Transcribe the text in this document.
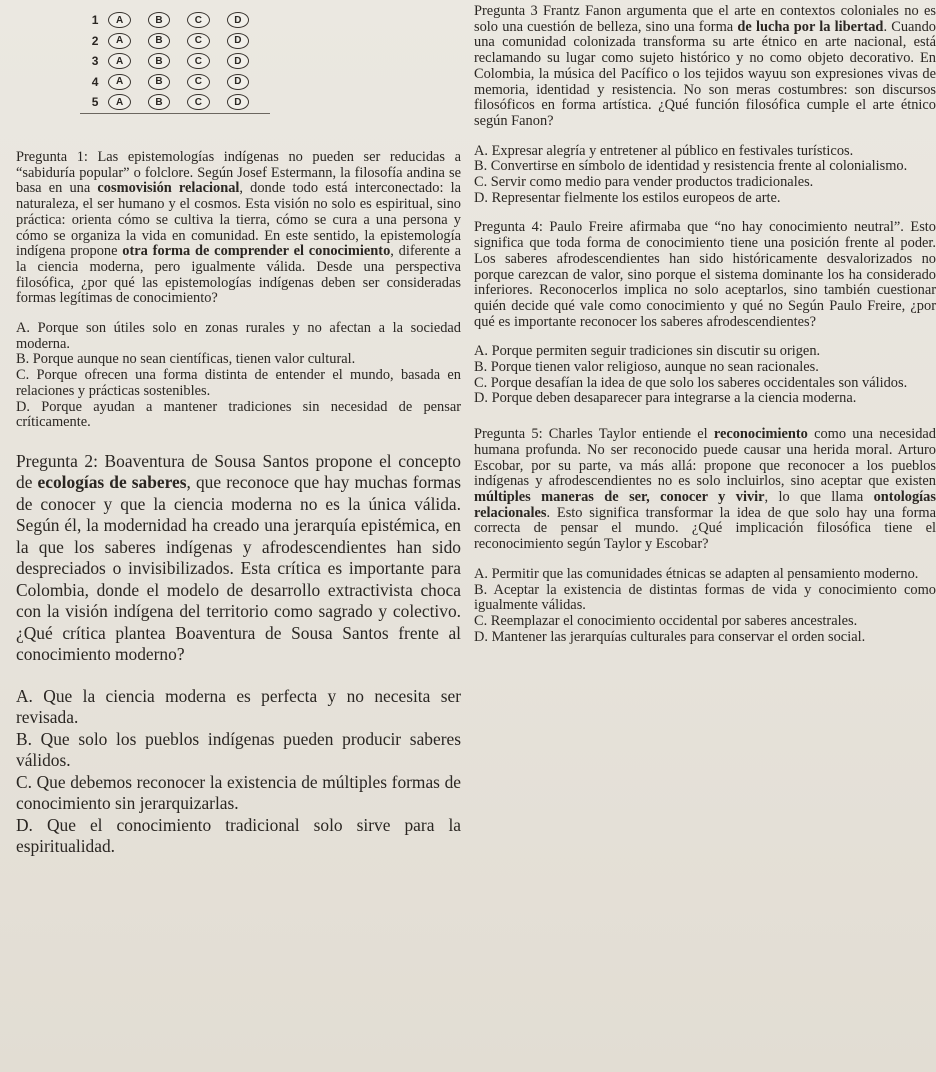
1	A	B	C	D
2	A	B	C	D
3	A	B	C	D
4	A	B	C	D
5	A	B	C	D

Pregunta 1: Las epistemologías indígenas no pueden ser reducidas a “sabiduría popular” o folclore. Según Josef Estermann, la filosofía andina se basa en una cosmovisión relacional, donde todo está interconectado: la naturaleza, el ser humano y el cosmos. Esta visión no solo es espiritual, sino práctica: orienta cómo se cultiva la tierra, cómo se cura a una persona y cómo se organiza la vida en comunidad. En este sentido, la epistemología indígena propone otra forma de comprender el conocimiento, diferente a la ciencia moderna, pero igualmente válida. Desde una perspectiva filosófica, ¿por qué las epistemologías indígenas deben ser consideradas formas legítimas de conocimiento?

A. Porque son útiles solo en zonas rurales y no afectan a la sociedad moderna.

B. Porque aunque no sean científicas, tienen valor cultural.

C. Porque ofrecen una forma distinta de entender el mundo, basada en relaciones y prácticas sostenibles.

D. Porque ayudan a mantener tradiciones sin necesidad de pensar críticamente.

Pregunta 2: Boaventura de Sousa Santos propone el concepto de ecologías de saberes, que reconoce que hay muchas formas de conocer y que la ciencia moderna no es la única válida. Según él, la modernidad ha creado una jerarquía epistémica, en la que los saberes indígenas y afrodescendientes han sido despreciados o invisibilizados. Esta crítica es importante para Colombia, donde el modelo de desarrollo extractivista choca con la visión indígena del territorio como sagrado y colectivo. ¿Qué crítica plantea Boaventura de Sousa Santos frente al conocimiento moderno?

A. Que la ciencia moderna es perfecta y no necesita ser revisada.

B. Que solo los pueblos indígenas pueden producir saberes válidos.

C. Que debemos reconocer la existencia de múltiples formas de conocimiento sin jerarquizarlas.

D. Que el conocimiento tradicional solo sirve para la espiritualidad.

Pregunta 3 Frantz Fanon argumenta que el arte en contextos coloniales no es solo una cuestión de belleza, sino una forma de lucha por la libertad. Cuando una comunidad colonizada transforma su arte étnico en arte nacional, está reclamando su lugar como sujeto histórico y no como objeto decorativo. En Colombia, la música del Pacífico o los tejidos wayuu son expresiones vivas de memoria, identidad y resistencia. No son meras costumbres: son discursos filosóficos en forma artística. ¿Qué función filosófica cumple el arte étnico según Fanon?

A. Expresar alegría y entretener al público en festivales turísticos.

B. Convertirse en símbolo de identidad y resistencia frente al colonialismo.

C. Servir como medio para vender productos tradicionales.

D. Representar fielmente los estilos europeos de arte.

Pregunta 4: Paulo Freire afirmaba que “no hay conocimiento neutral”. Esto significa que toda forma de conocimiento tiene una posición frente al poder. Los saberes afrodescendientes han sido históricamente desvalorizados no porque carezcan de valor, sino porque el sistema dominante los ha considerado inferiores. Reconocerlos implica no solo aceptarlos, sino también cuestionar quién decide qué vale como conocimiento y qué no Según Paulo Freire, ¿por qué es importante reconocer los saberes afrodescendientes?

A. Porque permiten seguir tradiciones sin discutir su origen.

B. Porque tienen valor religioso, aunque no sean racionales.

C. Porque desafían la idea de que solo los saberes occidentales son válidos.

D. Porque deben desaparecer para integrarse a la ciencia moderna.

Pregunta 5: Charles Taylor entiende el reconocimiento como una necesidad humana profunda. No ser reconocido puede causar una herida moral. Arturo Escobar, por su parte, va más allá: propone que reconocer a los pueblos indígenas y afrodescendientes no es solo incluirlos, sino aceptar que existen múltiples maneras de ser, conocer y vivir, lo que llama ontologías relacionales. Esto significa transformar la idea de que solo hay una forma correcta de pensar el mundo. ¿Qué implicación filosófica tiene el reconocimiento según Taylor y Escobar?

A. Permitir que las comunidades étnicas se adapten al pensamiento moderno.

B. Aceptar la existencia de distintas formas de vida y conocimiento como igualmente válidas.

C. Reemplazar el conocimiento occidental por saberes ancestrales.

D. Mantener las jerarquías culturales para conservar el orden social.
